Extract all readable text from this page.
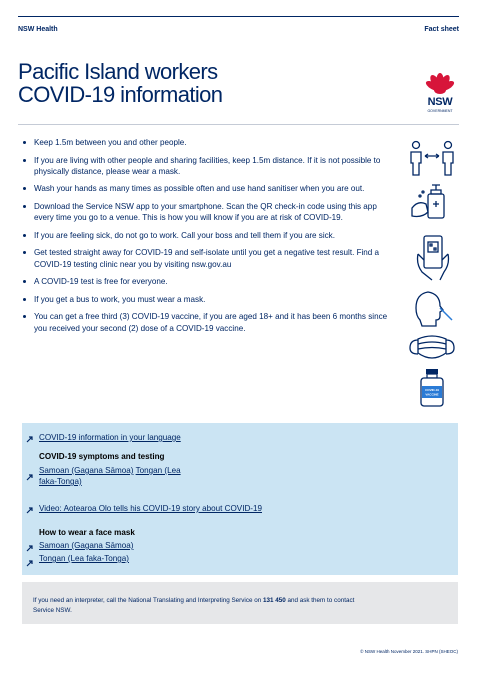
NSW Health	Fact sheet
Pacific Island workers
COVID-19 information	NSW
GOVERNMENT
Keep 1.5m between you and other people.
If you are living with other people and sharing facilities, keep 1.5m distance. If it is not possible to physically distance, please wear a mask.
Wash your hands as many times as possible often and use hand sanitiser when you are out.
Download the Service NSW app to your smartphone. Scan the QR check-in code using this app every time you go to a venue. This is how you will know if you are at risk of COVID-19.
If you are feeling sick, do not go to work. Call your boss and tell them if you are sick.
Get tested straight away for COVID-19 and self-isolate until you get a negative test result. Find a COVID-19 testing clinic near you by visiting nsw.gov.au
A COVID-19 test is free for everyone.
If you get a bus to work, you must wear a mask.
You can get a free third (3) COVID-19 vaccine, if you are aged 18+ and it has been 6 months since you received your second (2) dose of a COVID-19 vaccine.
COVID-19
VACCINE
COVID-19 information in your language
COVID-19 symptoms and testing
Samoan (Gagana Sāmoa) Tongan (Lea
faka-Tonga)
Video: Aotearoa Olo tells his COVID-19 story about COVID-19
How to wear a face mask
Samoan (Gagana Sāmoa)
Tongan (Lea faka-Tonga)
If you need an interpreter, call the National Translating and Interpreting Service on 131 450 and ask them to contact
Service NSW.
© NSW Health November 2021. SHPN (SHEOC)
